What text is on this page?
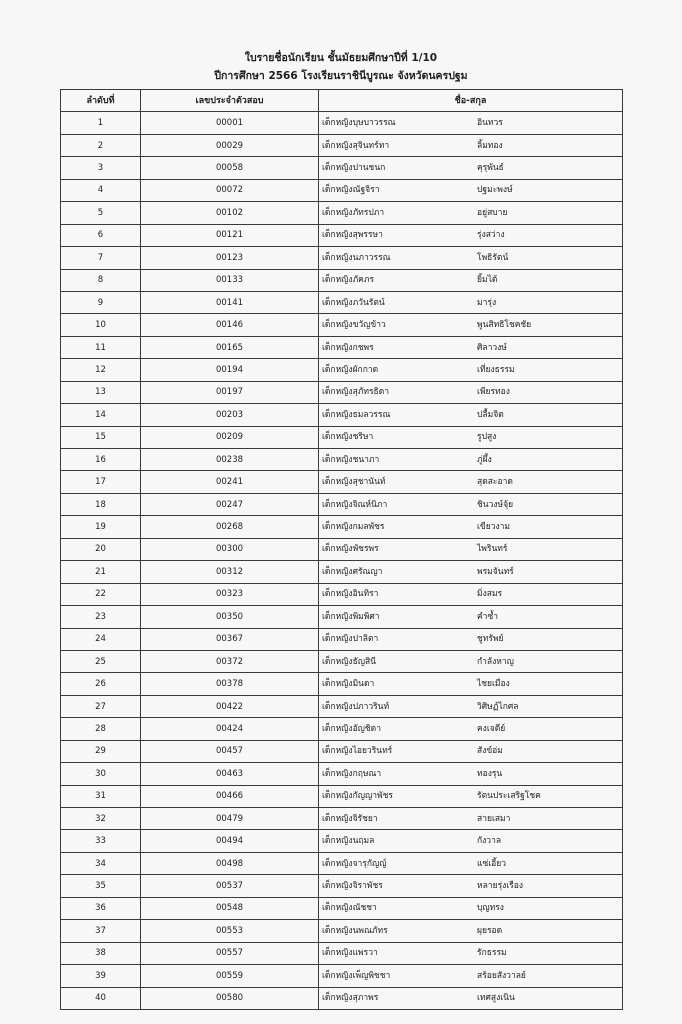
ใบรายชื่อนักเรียน ชั้นมัธยมศึกษาปีที่ 1/10

ปีการศึกษา 2566 โรงเรียนราชินีบูรณะ จังหวัดนครปฐม

ลำดับที่	เลขประจำตัวสอบ	ชื่อ-สกุล
1	00001	เด็กหญิงบุษบาวรรณ อินทวร
2	00029	เด็กหญิงสุจินทร์ทา ลิ้มทอง
3	00058	เด็กหญิงปานชนก คุรุพันธ์
4	00072	เด็กหญิงณัฐจิรา ปฐมะพงษ์
5	00102	เด็กหญิงภัทรปภา อยู่สบาย
6	00121	เด็กหญิงสุพรรษา รุ่งสว่าง
7	00123	เด็กหญิงนภาวรรณ โพธิรัตน์
8	00133	เด็กหญิงภัคภร ยิ้มได้
9	00141	เด็กหญิงภวันรัตน์ มารุ่ง
10	00146	เด็กหญิงขวัญข้าว พูนสิทธิโชคชัย
11	00165	เด็กหญิงกชพร ศิลาวงษ์
12	00194	เด็กหญิงผักกาด เที่ยงธรรม
13	00197	เด็กหญิงสุภัทรธิดา เพียรทอง
14	00203	เด็กหญิงธมลวรรณ ปลื้มจิต
15	00209	เด็กหญิงชริษา รูปสูง
16	00238	เด็กหญิงชนาภา ภู่ผึ้ง
17	00241	เด็กหญิงสุชานันท์ สุดสะอาด
18	00247	เด็กหญิงจิณห์นิภา ชินวงษ์จุ้ย
19	00268	เด็กหญิงกมลพัชร เขียวงาม
20	00300	เด็กหญิงพัชรพร ไพรินทร์
21	00312	เด็กหญิงศรัณญา พรมจันทร์
22	00323	เด็กหญิงอินทิรา มิ่งสมร
23	00350	เด็กหญิงพิมพิศา คำซ้ำ
24	00367	เด็กหญิงปาลิตา ชูทรัพย์
25	00372	เด็กหญิงธัญสินี กำลังหาญ
26	00378	เด็กหญิงมินดา ไชยเมือง
27	00422	เด็กหญิงปภาวรินท์ วิศิษฏ์ไกศล
28	00424	เด็กหญิงอัญชิดา คงเจดีย์
29	00457	เด็กหญิงไอยวรินทร์ สังข์อ่ม
30	00463	เด็กหญิงกฤษณา ทองรุน
31	00466	เด็กหญิงกัญญาพัชร รัตนประเสริฐโชค
32	00479	เด็กหญิงจิรัชยา สายเสมา
33	00494	เด็กหญิงนฤมล กังวาล
34	00498	เด็กหญิงจารุกัญญ์ แซ่เอี้ยว
35	00537	เด็กหญิงจิราพัชร หลายรุ่งเรือง
36	00548	เด็กหญิงณัชชา บุญทรง
37	00553	เด็กหญิงนพณภัทร ผุยรอด
38	00557	เด็กหญิงแพรวา รักธรรม
39	00559	เด็กหญิงเพ็ญพิชชา สร้อยสังวาลย์
40	00580	เด็กหญิงสุภาพร เทศสูงเนิน
